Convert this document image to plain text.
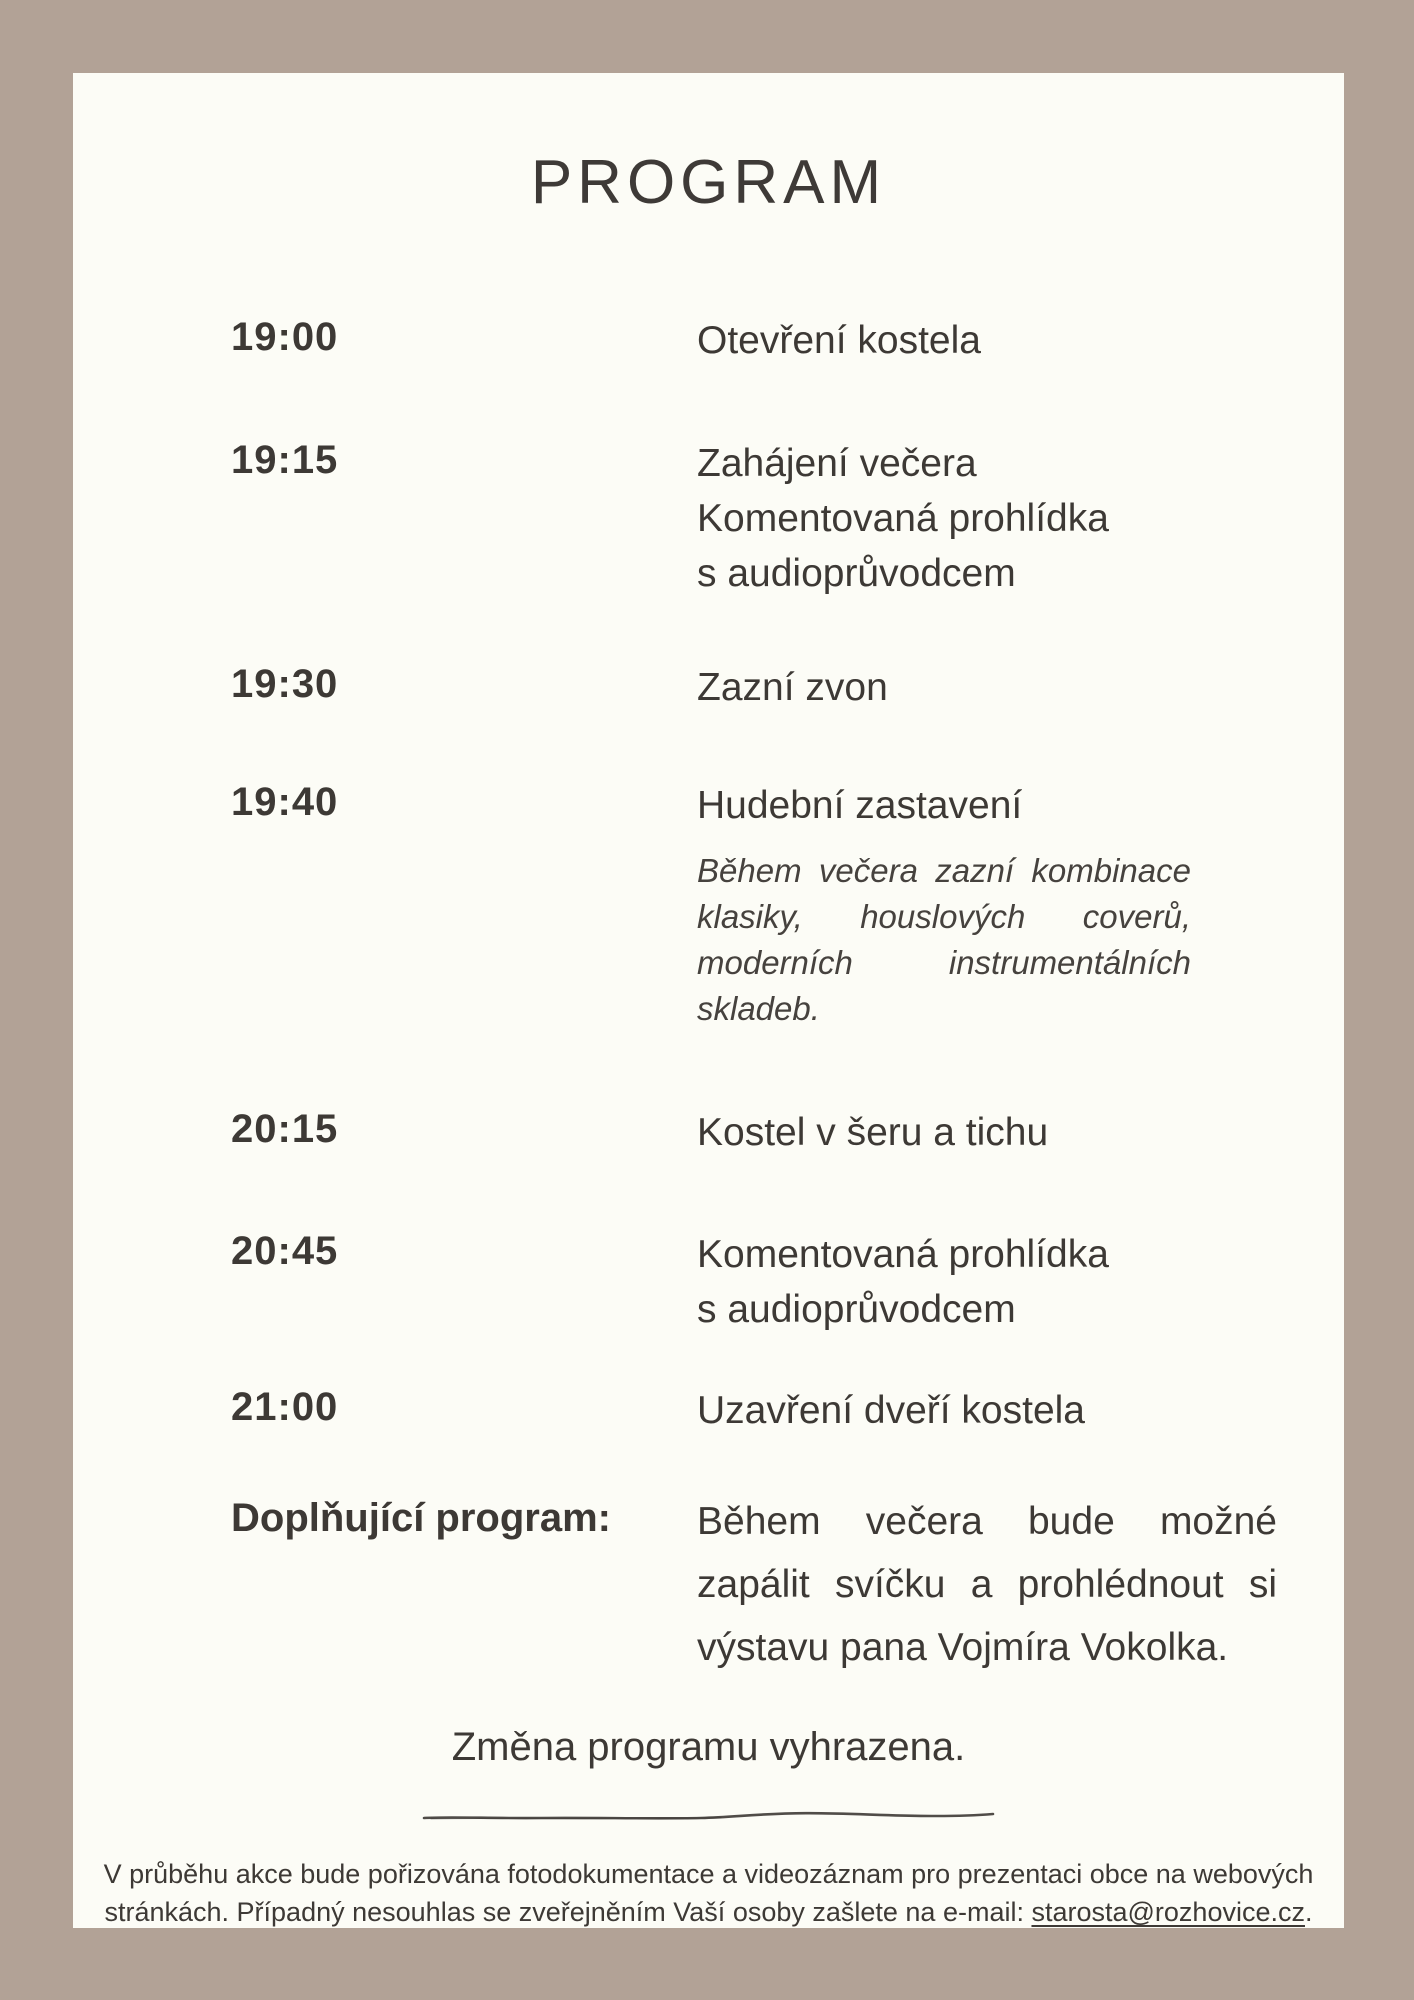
PROGRAM
19:00	Otevření kostela
19:15	Zahájení večera
Komentovaná prohlídka
s audioprůvodcem
19:30	Zazní zvon
19:40	Hudební zastavení
Během večera zazní kombinace
klasiky, houslových coverů,
moderních instrumentálních
skladeb.
20:15	Kostel v šeru a tichu
20:45	Komentovaná prohlídka
s audioprůvodcem
21:00	Uzavření dveří kostela
Doplňující program: Během večera bude možné
zapálit svíčku a prohlédnout si
výstavu pana Vojmíra Vokolka.
Změna programu vyhrazena.
V průběhu akce bude pořizována fotodokumentace a videozáznam pro prezentaci obce na webových
stránkách. Případný nesouhlas se zveřejněním Vaší osoby zašlete na e-mail: starosta@rozhovice.cz.
